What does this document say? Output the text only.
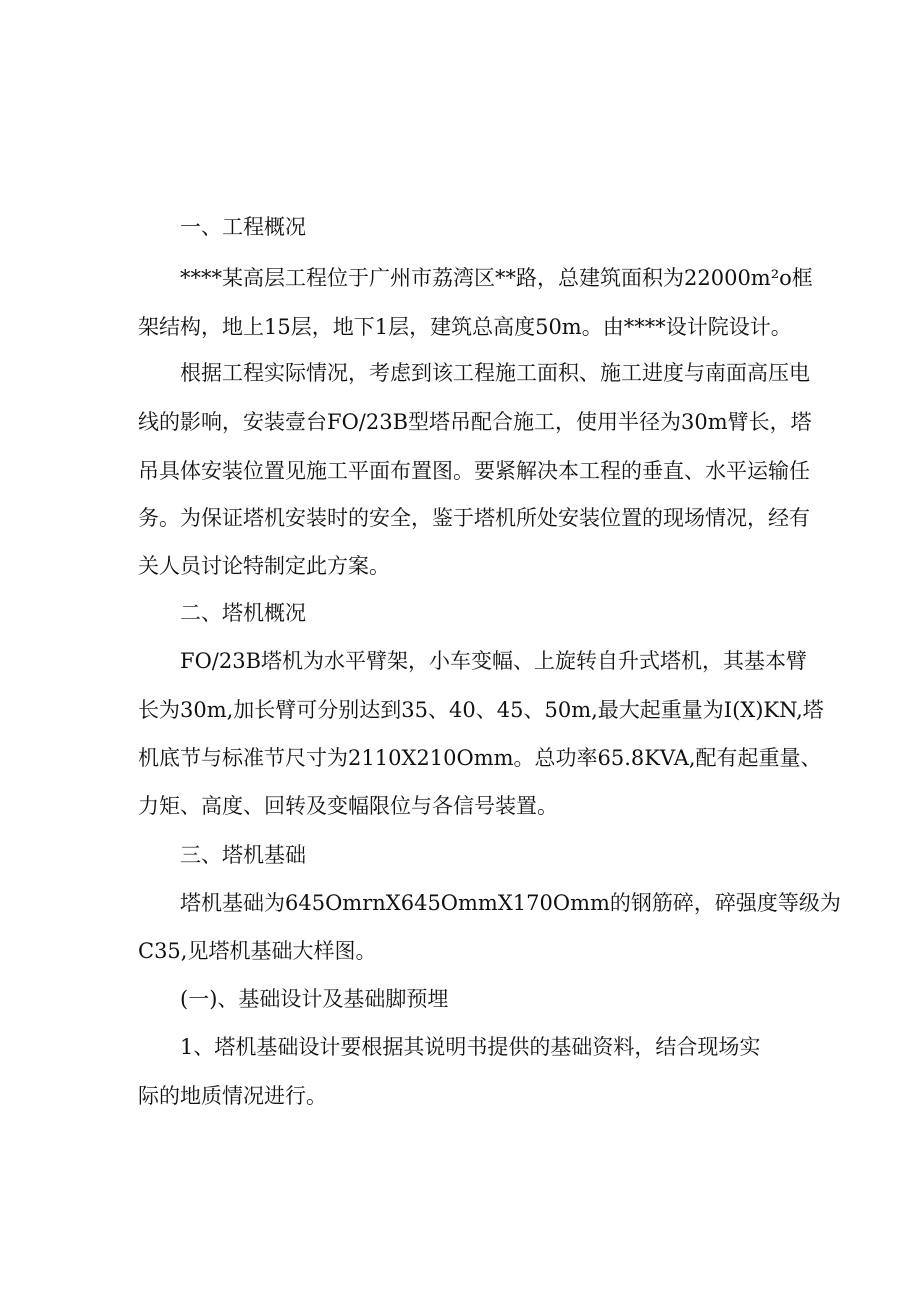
一、工程概况

****某高层工程位于广州市荔湾区**路，总建筑面积为22000m²o框

架结构，地上15层，地下1层，建筑总高度50m。由****设计院设计。

根据工程实际情况，考虑到该工程施工面积、施工进度与南面高压电

线的影响，安装壹台FO/23B型塔吊配合施工，使用半径为30m臂长，塔

吊具体安装位置见施工平面布置图。要紧解决本工程的垂直、水平运输任

务。为保证塔机安装时的安全，鉴于塔机所处安装位置的现场情况，经有

关人员讨论特制定此方案。

二、塔机概况

FO/23B塔机为水平臂架，小车变幅、上旋转自升式塔机，其基本臂

长为30m,加长臂可分别达到35、40、45、50m,最大起重量为I(X)KN,塔

机底节与标准节尺寸为2110X210Omm。总功率65.8KVA,配有起重量、

力矩、高度、回转及变幅限位与各信号装置。

三、塔机基础

塔机基础为645OmrnX645OmmX170Omm的钢筋碎，碎强度等级为

C35,见塔机基础大样图。

(一)、基础设计及基础脚预埋

1、塔机基础设计要根据其说明书提供的基础资料，结合现场实

际的地质情况进行。
